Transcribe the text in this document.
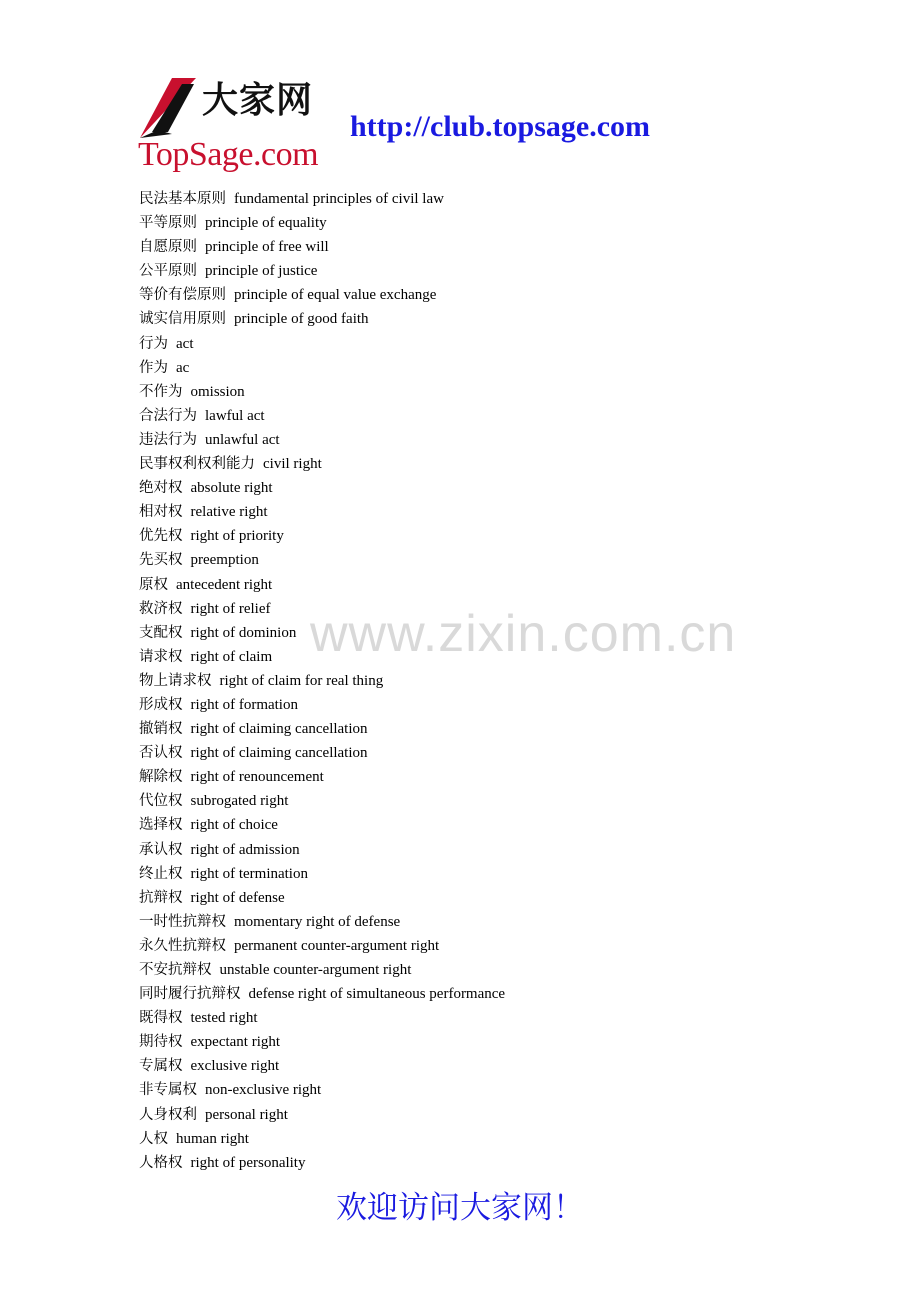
大家网
TopSage.com
http://club.topsage.com
www.zixin.com.cn
民法基本原则 fundamental principles of civil law
平等原则 principle of equality
自愿原则 principle of free will
公平原则 principle of justice
等价有偿原则 principle of equal value exchange
诚实信用原则 principle of good faith
行为 act
作为 ac
不作为 omission
合法行为 lawful act
违法行为 unlawful act
民事权利权利能力 civil right
绝对权 absolute right
相对权 relative right
优先权 right of priority
先买权 preemption
原权 antecedent right
救济权 right of relief
支配权 right of dominion
请求权 right of claim
物上请求权 right of claim for real thing
形成权 right of formation
撤销权 right of claiming cancellation
否认权 right of claiming cancellation
解除权 right of renouncement
代位权 subrogated right
选择权 right of choice
承认权 right of admission
终止权 right of termination
抗辩权 right of defense
一时性抗辩权 momentary right of defense
永久性抗辩权 permanent counter-argument right
不安抗辩权 unstable counter-argument right
同时履行抗辩权 defense right of simultaneous performance
既得权 tested right
期待权 expectant right
专属权 exclusive right
非专属权 non-exclusive right
人身权利 personal right
人权 human right
人格权 right of personality
欢迎访问大家网！
